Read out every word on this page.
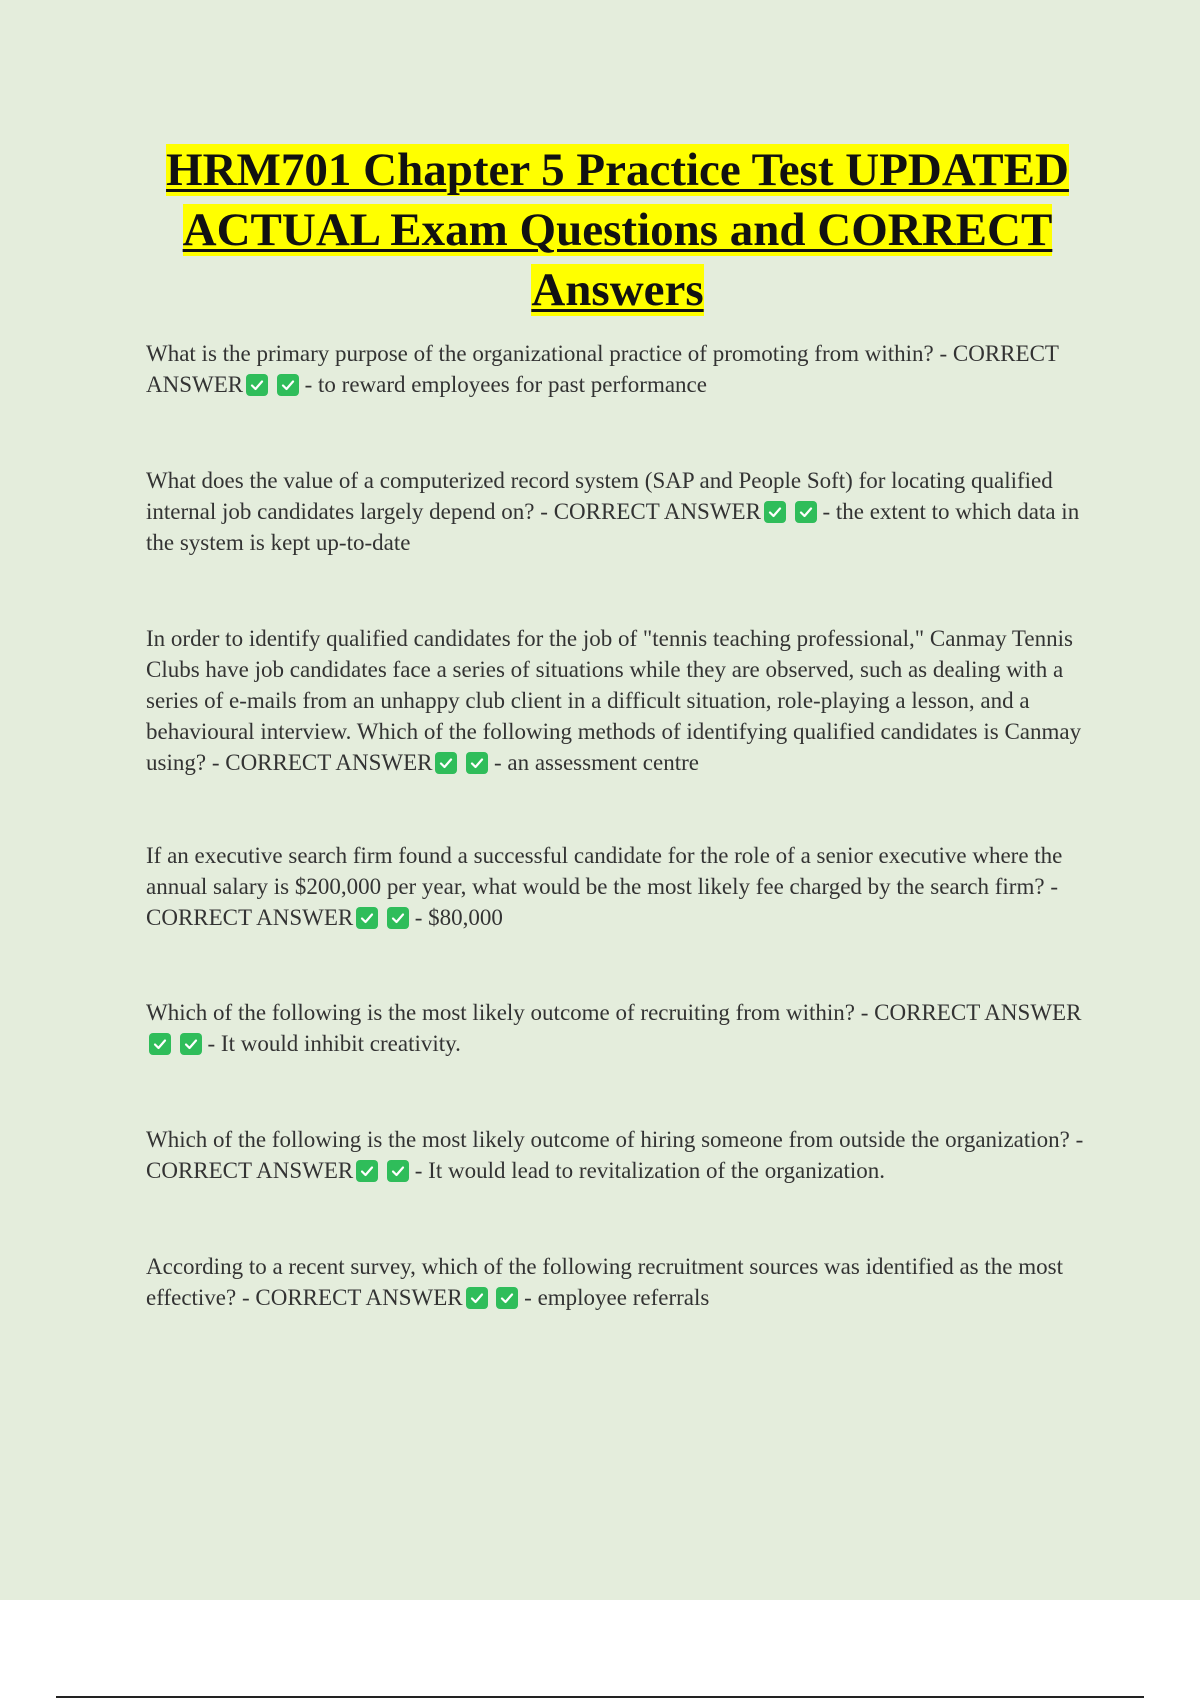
HRM701 Chapter 5 Practice Test UPDATED ACTUAL Exam Questions and CORRECT Answers
What is the primary purpose of the organizational practice of promoting from within? - CORRECT ANSWER

- to reward employees for past performance
What does the value of a computerized record system (SAP and People Soft) for locating qualified internal job candidates largely depend on? - CORRECT ANSWER

- the extent to which data in the system is kept up-to-date
In order to identify qualified candidates for the job of "tennis teaching professional," Canmay Tennis Clubs have job candidates face a series of situations while they are observed, such as dealing with a series of e-mails from an unhappy club client in a difficult situation, role-playing a lesson, and a behavioural interview. Which of the following methods of identifying qualified candidates is Canmay using? - CORRECT ANSWER

- an assessment centre
If an executive search firm found a successful candidate for the role of a senior executive where the annual salary is $200,000 per year, what would be the most likely fee charged by the search firm? - CORRECT ANSWER

- $80,000
Which of the following is the most likely outcome of recruiting from within? - CORRECT ANSWER

- It would inhibit creativity.
Which of the following is the most likely outcome of hiring someone from outside the organization? - CORRECT ANSWER

- It would lead to revitalization of the organization.
According to a recent survey, which of the following recruitment sources was identified as the most effective? - CORRECT ANSWER

- employee referrals
